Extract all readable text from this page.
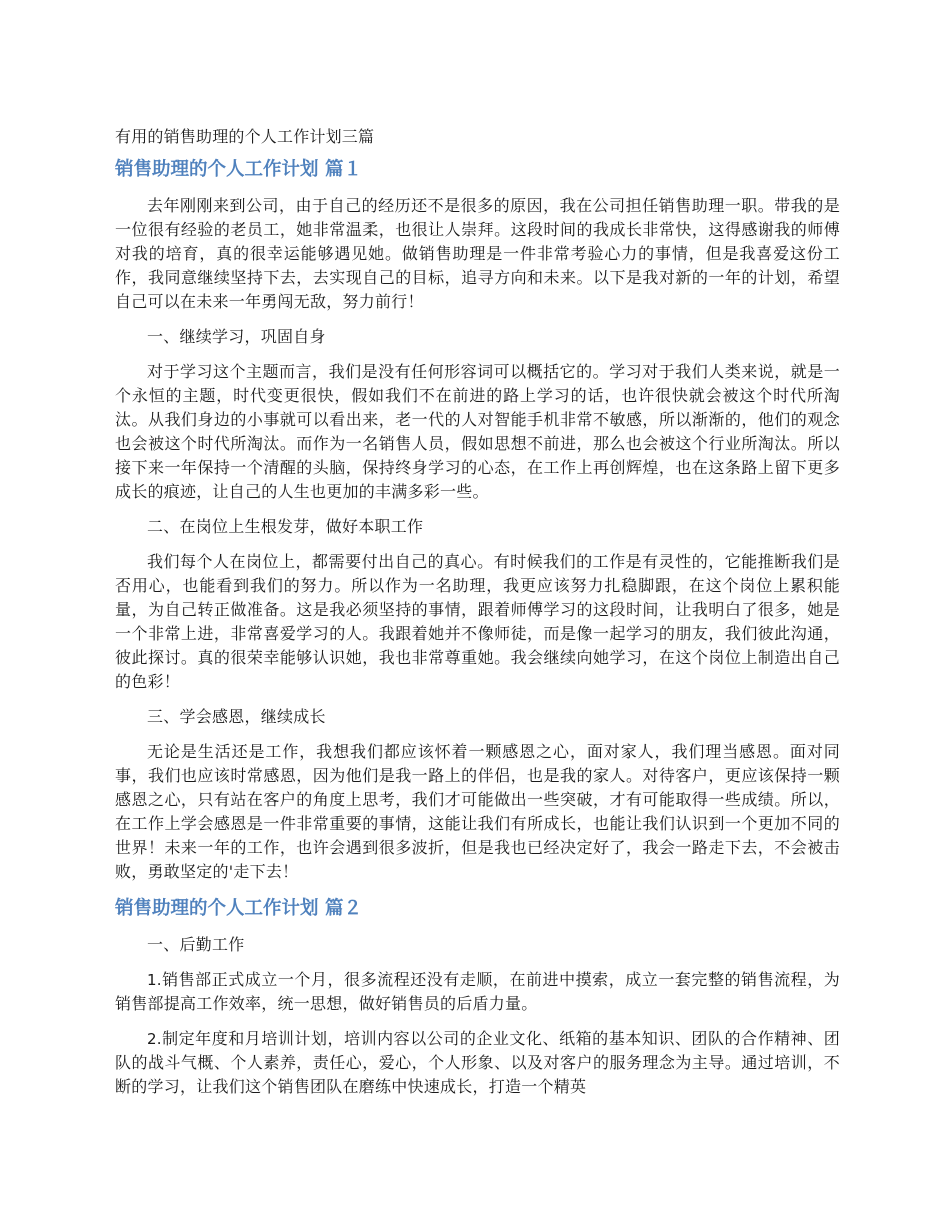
有用的销售助理的个人工作计划三篇
销售助理的个人工作计划 篇１

去年刚刚来到公司，由于自己的经历还不是很多的原因，我在公司担任销售助理一职。带我的是一位很有经验的老员工，她非常温柔，也很让人崇拜。这段时间的我成长非常快，这得感谢我的师傅对我的培育，真的很幸运能够遇见她。做销售助理是一件非常考验心力的事情，但是我喜爱这份工作，我同意继续坚持下去，去实现自己的目标，追寻方向和未来。以下是我对新的一年的计划，希望自己可以在未来一年勇闯无敌，努力前行！

一、继续学习，巩固自身

对于学习这个主题而言，我们是没有任何形容词可以概括它的。学习对于我们人类来说，就是一个永恒的主题，时代变更很快，假如我们不在前进的路上学习的话，也许很快就会被这个时代所淘汰。从我们身边的小事就可以看出来，老一代的人对智能手机非常不敏感，所以渐渐的，他们的观念也会被这个时代所淘汰。而作为一名销售人员，假如思想不前进，那么也会被这个行业所淘汰。所以接下来一年保持一个清醒的头脑，保持终身学习的心态，在工作上再创辉煌，也在这条路上留下更多成长的痕迹，让自己的人生也更加的丰满多彩一些。

二、在岗位上生根发芽，做好本职工作

我们每个人在岗位上，都需要付出自己的真心。有时候我们的工作是有灵性的，它能推断我们是否用心，也能看到我们的努力。所以作为一名助理，我更应该努力扎稳脚跟，在这个岗位上累积能量，为自己转正做准备。这是我必须坚持的事情，跟着师傅学习的这段时间，让我明白了很多，她是一个非常上进，非常喜爱学习的人。我跟着她并不像师徒，而是像一起学习的朋友，我们彼此沟通，彼此探讨。真的很荣幸能够认识她，我也非常尊重她。我会继续向她学习，在这个岗位上制造出自己的色彩！

三、学会感恩，继续成长

无论是生活还是工作，我想我们都应该怀着一颗感恩之心，面对家人，我们理当感恩。面对同事，我们也应该时常感恩，因为他们是我一路上的伴侣，也是我的家人。对待客户，更应该保持一颗感恩之心，只有站在客户的角度上思考，我们才可能做出一些突破，才有可能取得一些成绩。所以，在工作上学会感恩是一件非常重要的事情，这能让我们有所成长，也能让我们认识到一个更加不同的世界！未来一年的工作，也许会遇到很多波折，但是我也已经决定好了，我会一路走下去，不会被击败，勇敢坚定的'走下去！

销售助理的个人工作计划 篇２

一、后勤工作

1.销售部正式成立一个月，很多流程还没有走顺，在前进中摸索，成立一套完整的销售流程，为销售部提高工作效率，统一思想，做好销售员的后盾力量。

2.制定年度和月培训计划，培训内容以公司的企业文化、纸箱的基本知识、团队的合作精神、团队的战斗气概、个人素养，责任心，爱心，个人形象、以及对客户的服务理念为主导。通过培训，不断的学习，让我们这个销售团队在磨练中快速成长，打造一个精英
